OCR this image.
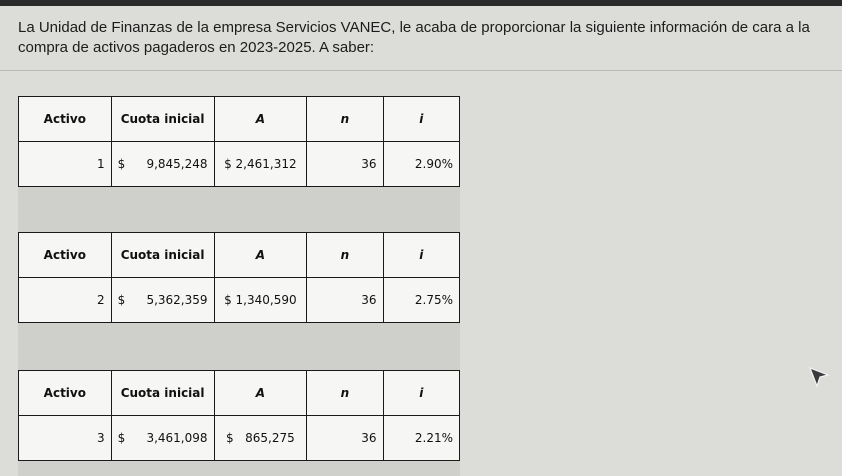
La Unidad de Finanzas de la empresa Servicios VANEC, le acaba de proporcionar la siguiente información de cara a la compra de activos pagaderos en 2023-2025. A saber:
Activo	Cuota inicial	A	n	i
1	$ 9,845,248	$ 2,461,312	36	2.90%
Activo	Cuota inicial	A	n	i
2	$ 5,362,359	$ 1,340,590	36	2.75%
Activo	Cuota inicial	A	n	i
3	$ 3,461,098	$   865,275	36	2.21%
